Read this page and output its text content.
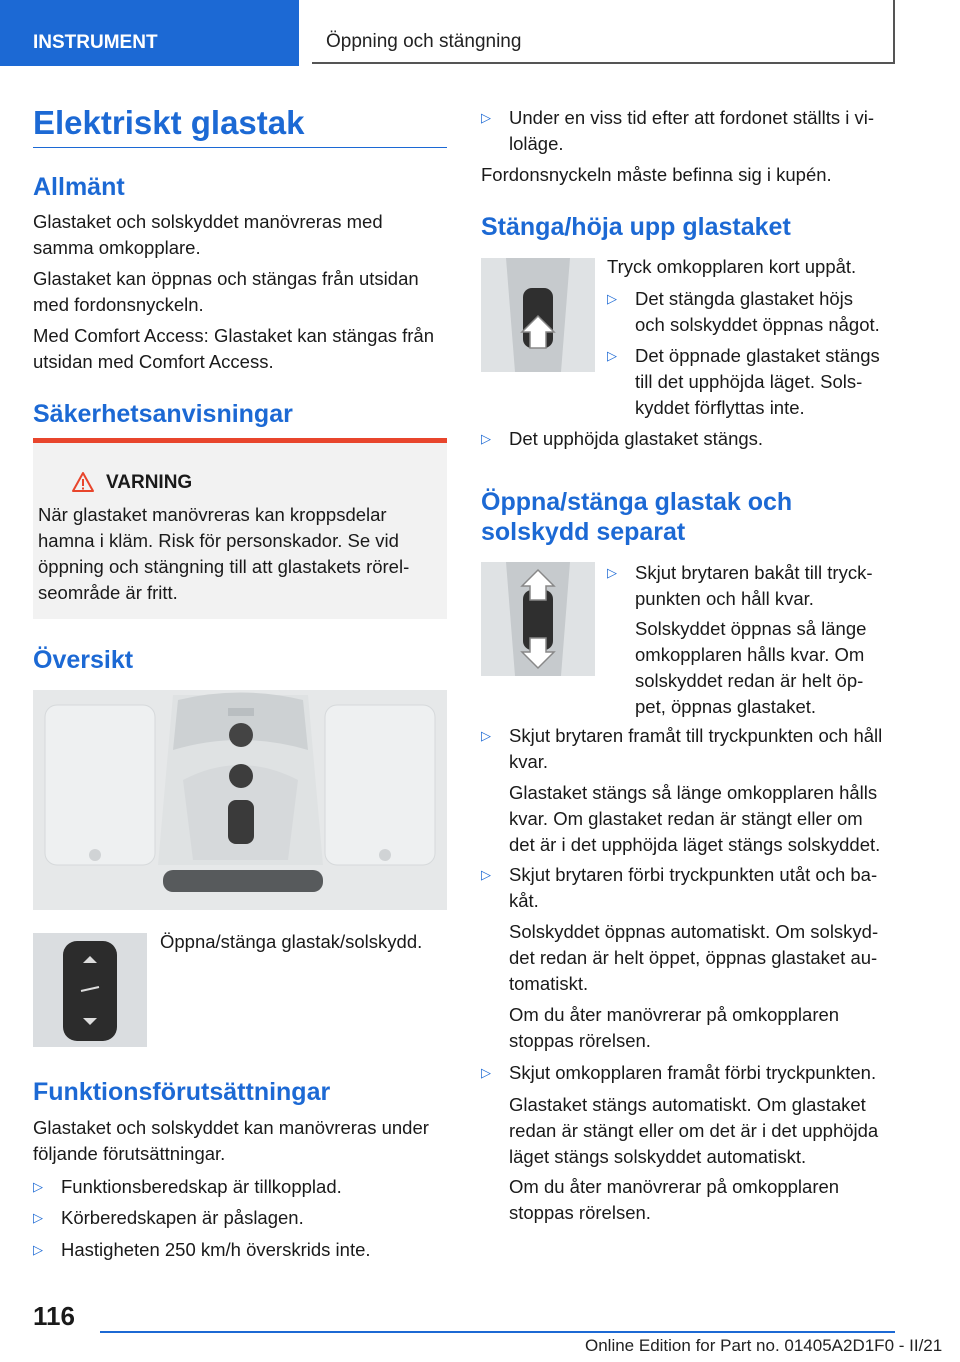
INSTRUMENT	Öppning och stängning
Elektriskt glastak
Allmänt
Glastaket och solskyddet manövreras med
samma omkopplare.
Glastaket kan öppnas och stängas från utsidan
med fordonsnyckeln.
Med Comfort Access: Glastaket kan stängas från
utsidan med Comfort Access.
Säkerhetsanvisningar
VARNING
När glastaket manövreras kan kroppsdelar
hamna i kläm. Risk för personskador. Se vid
öppning och stängning till att glastakets rörel-
seområde är fritt.
Översikt
Öppna/stänga glastak/solskydd.
Funktionsförutsättningar
Glastaket och solskyddet kan manövreras under
följande förutsättningar.
▷ Funktionsberedskap är tillkopplad.
▷ Körberedskapen är påslagen.
▷ Hastigheten 250 km/h överskrids inte.
▷ Under en viss tid efter att fordonet ställts i vi-
loläge.
Fordonsnyckeln måste befinna sig i kupén.
Stänga/höja upp glastaket
Tryck omkopplaren kort uppåt.
▷ Det stängda glastaket höjs
och solskyddet öppnas något.
▷ Det öppnade glastaket stängs
till det upphöjda läget. Sols-
kyddet förflyttas inte.
▷ Det upphöjda glastaket stängs.
Öppna/stänga glastak och
solskydd separat
▷ Skjut brytaren bakåt till tryck-
punkten och håll kvar.
Solskyddet öppnas så länge
omkopplaren hålls kvar. Om
solskyddet redan är helt öp-
pet, öppnas glastaket.
▷ Skjut brytaren framåt till tryckpunkten och håll
kvar.
Glastaket stängs så länge omkopplaren hålls
kvar. Om glastaket redan är stängt eller om
det är i det upphöjda läget stängs solskyddet.
▷ Skjut brytaren förbi tryckpunkten utåt och ba-
kåt.
Solskyddet öppnas automatiskt. Om solskyd-
det redan är helt öppet, öppnas glastaket au-
tomatiskt.
Om du åter manövrerar på omkopplaren
stoppas rörelsen.
▷ Skjut omkopplaren framåt förbi tryckpunkten.
Glastaket stängs automatiskt. Om glastaket
redan är stängt eller om det är i det upphöjda
läget stängs solskyddet automatiskt.
Om du åter manövrerar på omkopplaren
stoppas rörelsen.
116
Online Edition for Part no. 01405A2D1F0 - II/21
